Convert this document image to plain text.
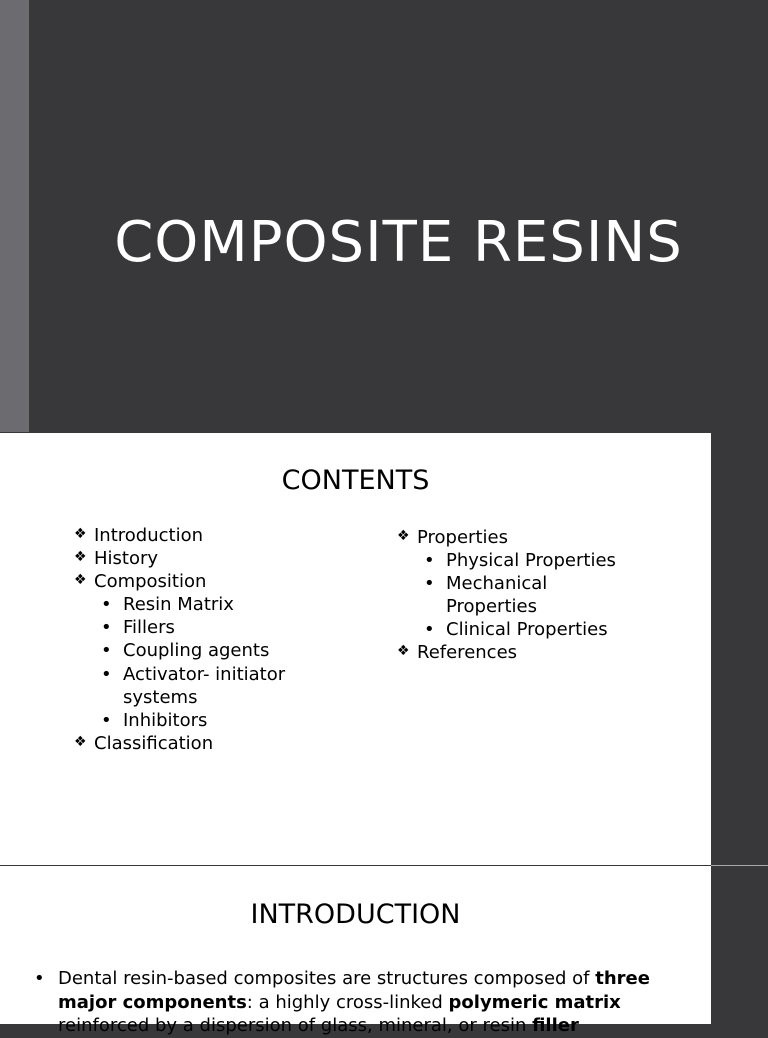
COMPOSITE RESINS
CONTENTS
❖ Introduction
❖ History
❖ Composition
• Resin Matrix
• Fillers
• Coupling agents
• Activator- initiator systems
• Inhibitors
❖ Classification
❖ Properties
• Physical Properties
• Mechanical Properties
• Clinical Properties
❖ References
INTRODUCTION
• Dental resin-based composites are structures composed of three major components: a highly cross-linked polymeric matrix reinforced by a dispersion of glass, mineral, or resin filler
